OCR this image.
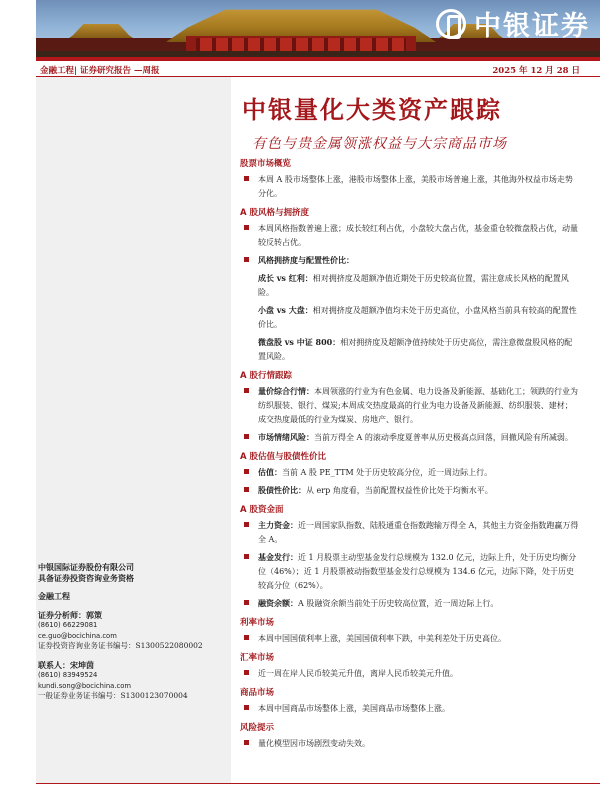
中银证券
金融工程| 证券研究报告 —周报	2025 年 12 月 28 日
中银国际证券股份有限公司
具备证券投资咨询业务资格
金融工程
证券分析师：郭策
(8610) 66229081
ce.guo@bocichina.com
证券投资咨询业务证书编号：S1300522080002
联系人：宋坤茵
(8610) 83949524
kundi.song@bocichina.com
一般证券业务证书编号：S1300123070004
中银量化大类资产跟踪
有色与贵金属领涨权益与大宗商品市场
股票市场概览
本周 A 股市场整体上涨，港股市场整体上涨，美股市场普遍上涨，其他海外权益市场走势分化。
A 股风格与拥挤度
本周风格指数普遍上涨；成长较红利占优，小盘较大盘占优，基金重仓较微盘股占优，动量较反转占优。
风格拥挤度与配置性价比：
成长 vs 红利：相对拥挤度及超额净值近期处于历史较高位置，需注意成长风格的配置风险。
小盘 vs 大盘：相对拥挤度及超额净值均未处于历史高位，小盘风格当前具有较高的配置性价比。
微盘股 vs 中证 800：相对拥挤度及超额净值持续处于历史高位，需注意微盘股风格的配置风险。
A 股行情跟踪
量价综合行情：本周领涨的行业为有色金属、电力设备及新能源、基础化工；领跌的行业为纺织服装、银行、煤炭;本周成交热度最高的行业为电力设备及新能源、纺织服装、建材；成交热度最低的行业为煤炭、房地产、银行。
市场情绪风险：当前万得全 A 的滚动季度夏普率从历史极高点回落，回撤风险有所减弱。
A 股估值与股债性价比
估值：当前 A 股 PE_TTM 处于历史较高分位，近一周边际上行。
股债性价比：从 erp 角度看，当前配置权益性价比处于均衡水平。
A 股资金面
主力资金：近一周国家队指数、陆股通重仓指数跑输万得全 A，其他主力资金指数跑赢万得全 A。
基金发行：近 1 月股票主动型基金发行总规模为 132.0 亿元，边际上升，处于历史均衡分位（46%）；近 1 月股票被动指数型基金发行总规模为 134.6 亿元，边际下降，处于历史较高分位（62%）。
融资余额：A 股融资余额当前处于历史较高位置，近一周边际上行。
利率市场
本周中国国债利率上涨，美国国债利率下跌，中美利差处于历史高位。
汇率市场
近一周在岸人民币较美元升值，离岸人民币较美元升值。
商品市场
本周中国商品市场整体上涨，美国商品市场整体上涨。
风险提示
量化模型因市场剧烈变动失效。
